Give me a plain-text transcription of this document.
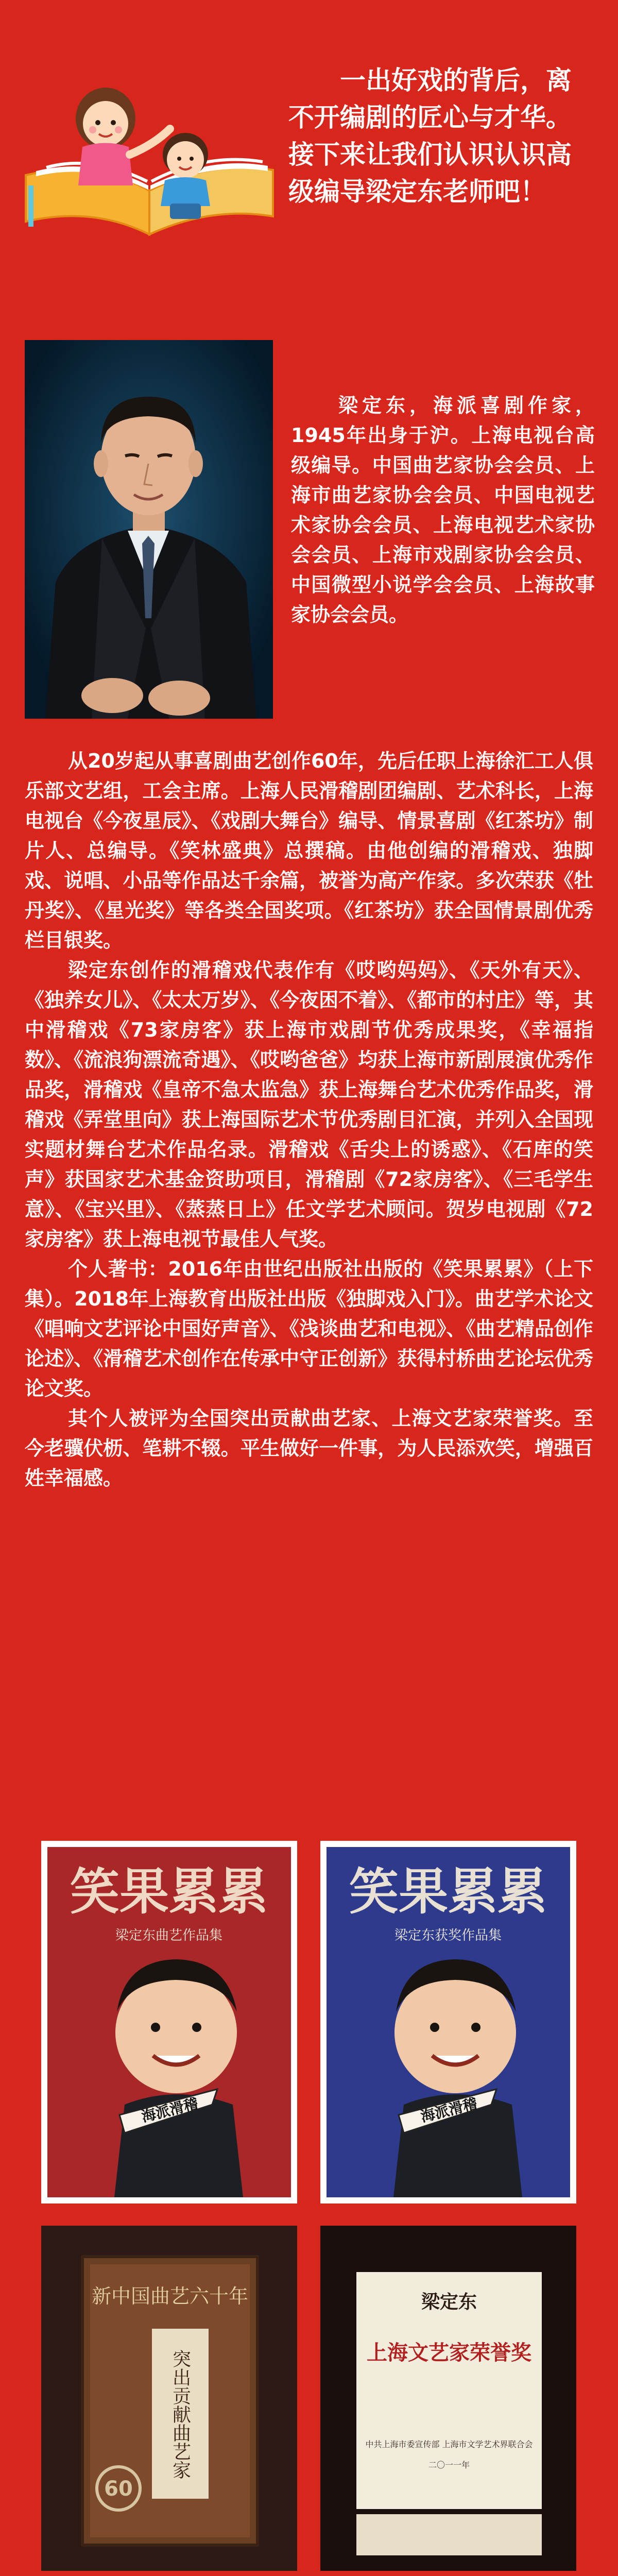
一出好戏的背后，离不开编剧的匠心与才华。接下来让我们认识认识高级编导梁定东老师吧！
梁定东，海派喜剧作家，1945年出身于沪。上海电视台高级编导。中国曲艺家协会会员、上海市曲艺家协会会员、中国电视艺术家协会会员、上海电视艺术家协会会员、上海市戏剧家协会会员、中国微型小说学会会员、上海故事家协会会员。

从20岁起从事喜剧曲艺创作60年，先后任职上海徐汇工人俱乐部文艺组，工会主席。上海人民滑稽剧团编剧、艺术科长，上海电视台《今夜星辰》、《戏剧大舞台》编导、情景喜剧《红茶坊》制片人、总编导。《笑林盛典》总撰稿。由他创编的滑稽戏、独脚戏、说唱、小品等作品达千余篇，被誉为高产作家。多次荣获《牡丹奖》、《星光奖》等各类全国奖项。《红茶坊》获全国情景剧优秀栏目银奖。

梁定东创作的滑稽戏代表作有《哎哟妈妈》、《天外有天》、《独养女儿》、《太太万岁》、《今夜困不着》、《都市的村庄》等，其中滑稽戏《73家房客》获上海市戏剧节优秀成果奖，《幸福指数》、《流浪狗漂流奇遇》、《哎哟爸爸》均获上海市新剧展演优秀作品奖，滑稽戏《皇帝不急太监急》获上海舞台艺术优秀作品奖，滑稽戏《弄堂里向》获上海国际艺术节优秀剧目汇演，并列入全国现实题材舞台艺术作品名录。滑稽戏《舌尖上的诱惑》、《石库的笑声》获国家艺术基金资助项目，滑稽剧《72家房客》、《三毛学生意》、《宝兴里》、《蒸蒸日上》任文学艺术顾问。贺岁电视剧《72家房客》获上海电视节最佳人气奖。

个人著书：2016年由世纪出版社出版的《笑果累累》（上下集）。2018年上海教育出版社出版《独脚戏入门》。曲艺学术论文《唱响文艺评论中国好声音》、《浅谈曲艺和电视》、《曲艺精品创作论述》、《滑稽艺术创作在传承中守正创新》获得村桥曲艺论坛优秀论文奖。

其个人被评为全国突出贡献曲艺家、上海文艺家荣誉奖。至今老骥伏枥、笔耕不辍。平生做好一件事，为人民添欢笑，增强百姓幸福感。

笑果累累
梁定东曲艺作品集
海派滑稽
笑果累累
梁定东获奖作品集
海派滑稽
新中国曲艺六十年
突出贡献曲艺家
60
梁定东
上海文艺家荣誉奖
中共上海市委宣传部 上海市文学艺术界联合会
二〇一一年
